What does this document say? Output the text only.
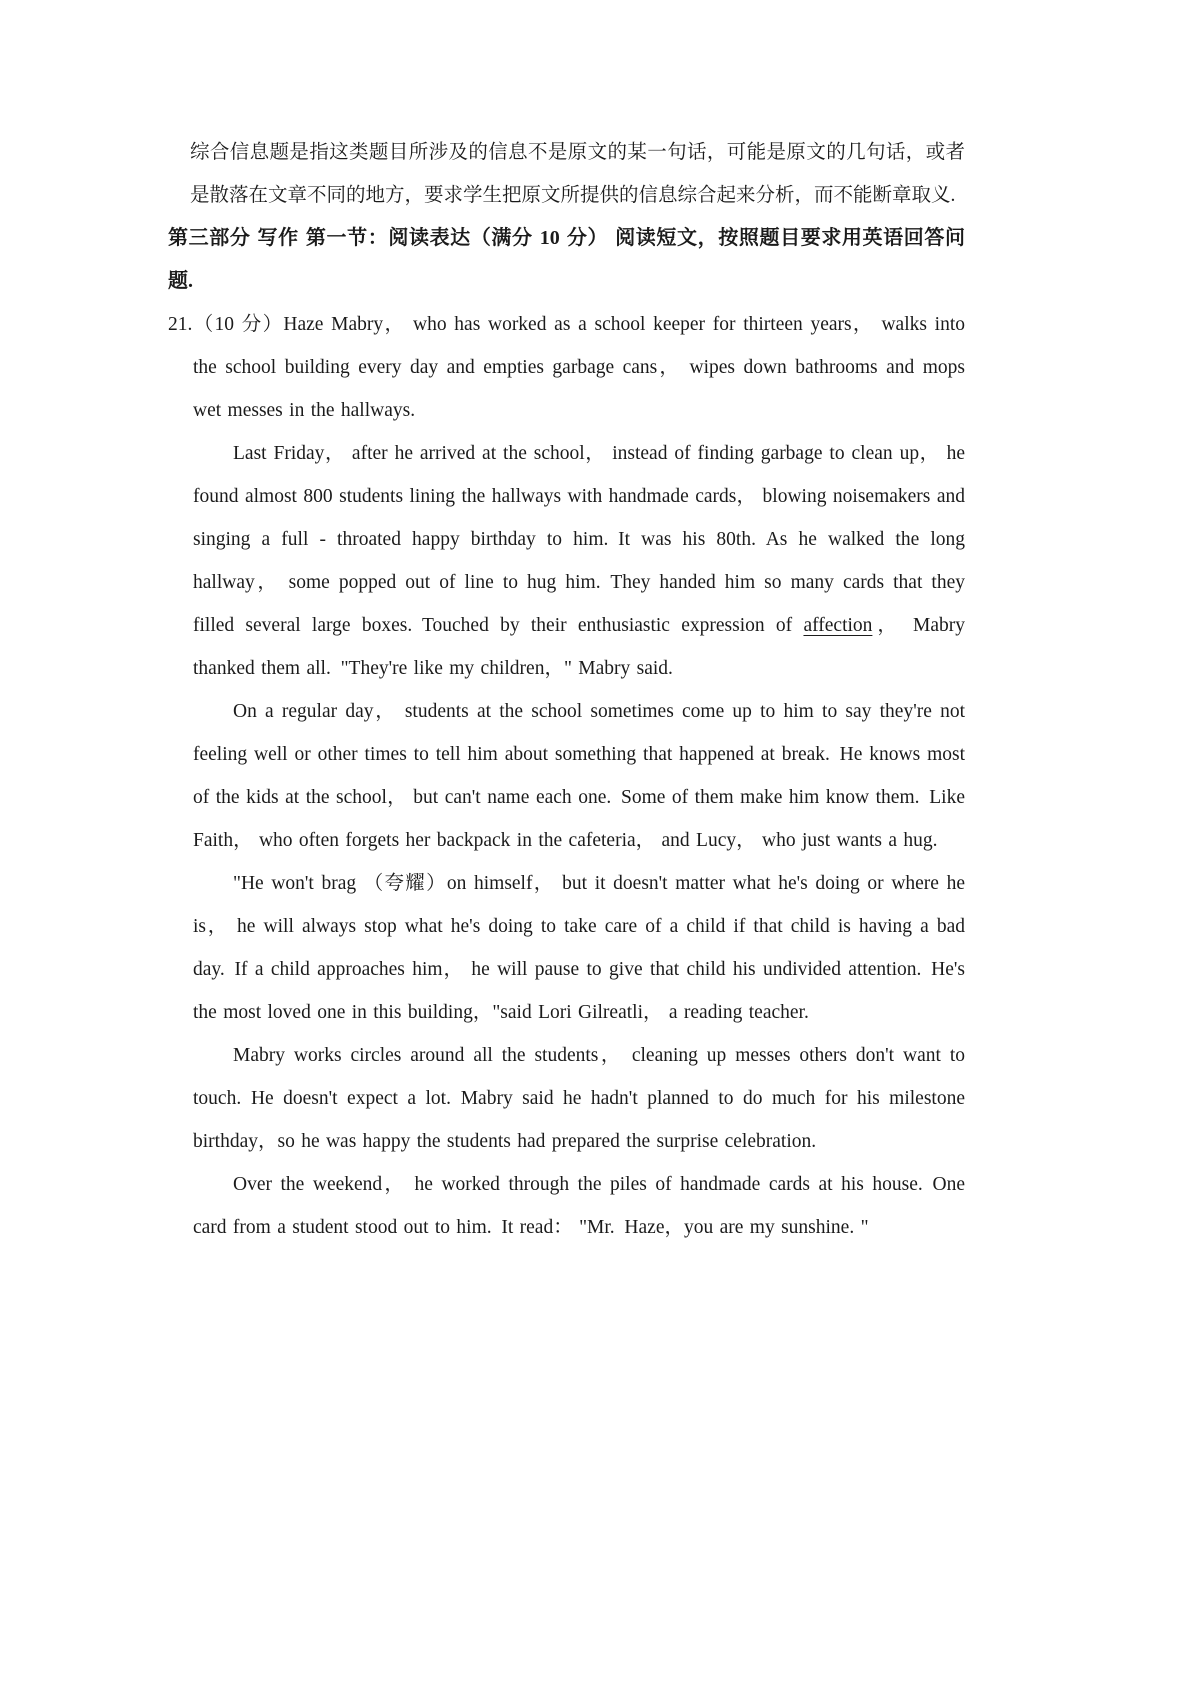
综合信息题是指这类题目所涉及的信息不是原文的某一句话，可能是原文的几句话，或者是散落在文章不同的地方，要求学生把原文所提供的信息综合起来分析，而不能断章取义.

第三部分 写作 第一节：阅读表达（满分 10 分） 阅读短文，按照题目要求用英语回答问题.

21.（10 分）Haze Mabry， who has worked as a school keeper for thirteen years， walks into the school building every day and empties garbage cans， wipes down bathrooms and mops wet messes in the hallways.

Last Friday， after he arrived at the school， instead of finding garbage to clean up， he found almost 800 students lining the hallways with handmade cards， blowing noisemakers and singing a full - throated happy birthday to him. It was his 80th. As he walked the long hallway， some popped out of line to hug him. They handed him so many cards that they filled several large boxes. Touched by their enthusiastic expression of affection， Mabry thanked them all. "They're like my children，" Mabry said.

On a regular day， students at the school sometimes come up to him to say they're not feeling well or other times to tell him about something that happened at break. He knows most of the kids at the school， but can't name each one. Some of them make him know them. Like Faith， who often forgets her backpack in the cafeteria， and Lucy， who just wants a hug.

"He won't brag （夸耀）on himself， but it doesn't matter what he's doing or where he is， he will always stop what he's doing to take care of a child if that child is having a bad day. If a child approaches him， he will pause to give that child his undivided attention. He's the most loved one in this building，"said Lori Gilreatli， a reading teacher.

Mabry works circles around all the students， cleaning up messes others don't want to touch. He doesn't expect a lot. Mabry said he hadn't planned to do much for his milestone birthday，so he was happy the students had prepared the surprise celebration.

Over the weekend， he worked through the piles of handmade cards at his house. One card from a student stood out to him. It read： "Mr. Haze，you are my sunshine. "
